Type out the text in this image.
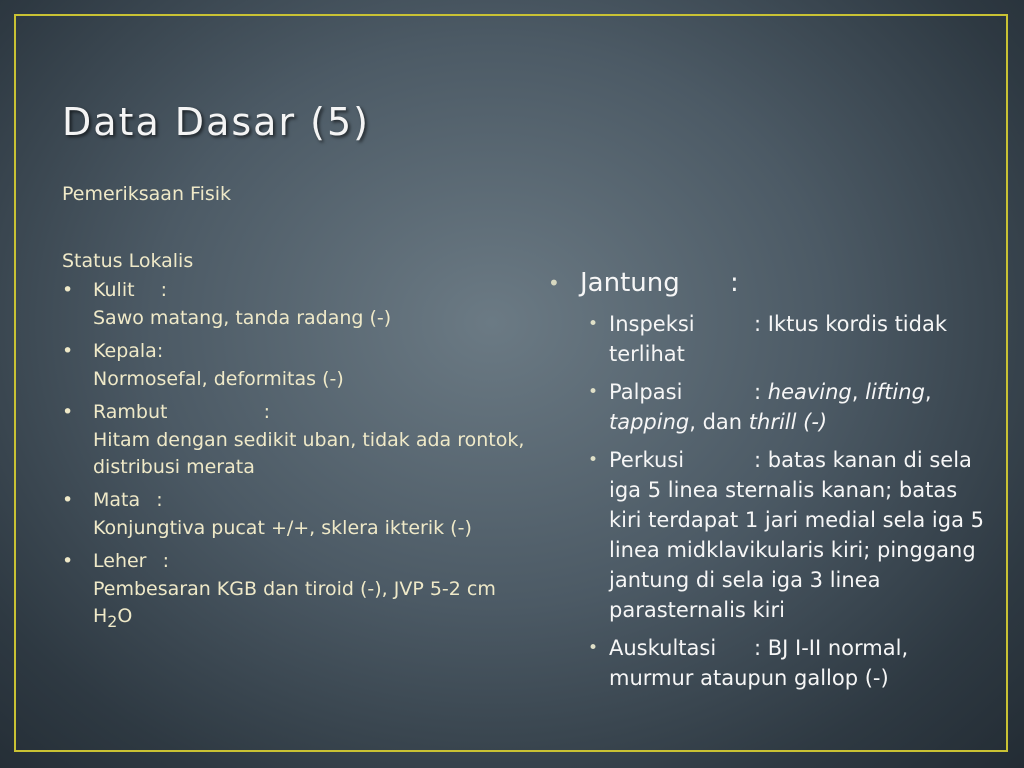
Data Dasar (5)

Pemeriksaan Fisik

Status Lokalis

• Kulit :

Sawo matang, tanda radang (-)

• Kepala:

Normosefal, deformitas (-)

• Rambut	:

Hitam dengan sedikit uban, tidak ada rontok, distribusi merata

• Mata :

Konjungtiva pucat +/+, sklera ikterik (-)

• Leher :

Pembesaran KGB dan tiroid (-), JVP 5-2 cm $H_2O$

• Jantung :
• Inspeksi	: Iktus kordis tidak terlihat
• Palpasi	: heaving, lifting, tapping, dan thrill (-)
• Perkusi	: batas kanan di sela iga 5 linea sternalis kanan; batas kiri terdapat 1 jari medial sela iga 5 linea midklavikularis kiri; pinggang jantung di sela iga 3 linea parasternalis kiri
• Auskultasi : BJ I-II normal, murmur ataupun gallop (-)
